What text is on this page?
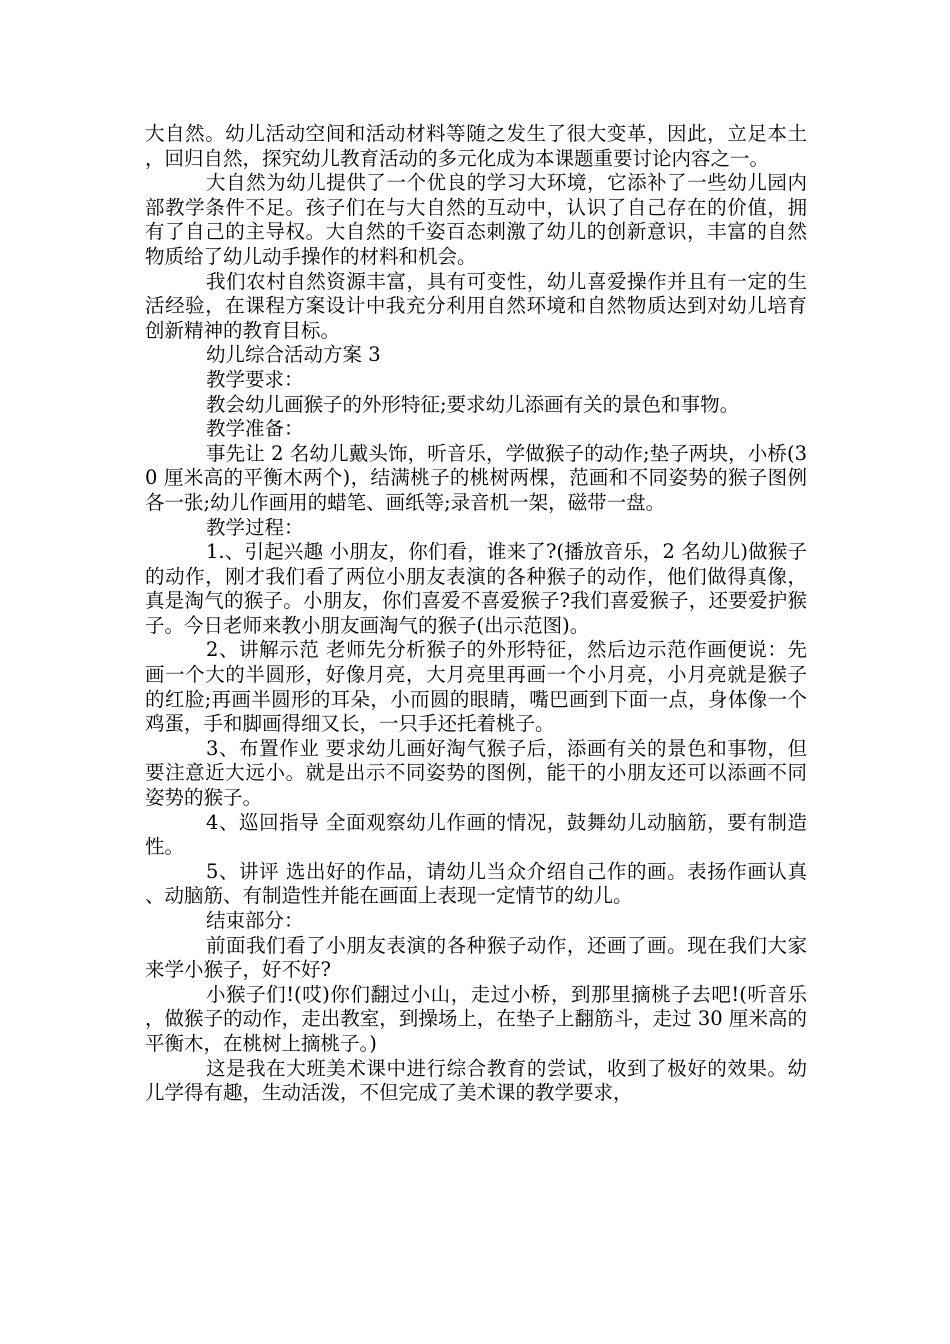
大自然。幼儿活动空间和活动材料等随之发生了很大变革，因此，立足本土，回归自然，探究幼儿教育活动的多元化成为本课题重要讨论内容之一。

大自然为幼儿提供了一个优良的学习大环境，它添补了一些幼儿园内部教学条件不足。孩子们在与大自然的互动中，认识了自己存在的价值，拥有了自己的主导权。大自然的千姿百态刺激了幼儿的创新意识，丰富的自然物质给了幼儿动手操作的材料和机会。

我们农村自然资源丰富，具有可变性，幼儿喜爱操作并且有一定的生活经验，在课程方案设计中我充分利用自然环境和自然物质达到对幼儿培育创新精神的教育目标。

幼儿综合活动方案 3

教学要求：

教会幼儿画猴子的外形特征;要求幼儿添画有关的景色和事物。

教学准备：

事先让 2 名幼儿戴头饰，听音乐，学做猴子的动作;垫子两块，小桥(30 厘米高的平衡木两个)，结满桃子的桃树两棵，范画和不同姿势的猴子图例各一张;幼儿作画用的蜡笔、画纸等;录音机一架，磁带一盘。

教学过程：

1.、引起兴趣 小朋友，你们看，谁来了?(播放音乐，2 名幼儿)做猴子的动作，刚才我们看了两位小朋友表演的各种猴子的动作，他们做得真像，真是淘气的猴子。小朋友，你们喜爱不喜爱猴子?我们喜爱猴子，还要爱护猴子。今日老师来教小朋友画淘气的猴子(出示范图)。

2、讲解示范 老师先分析猴子的外形特征，然后边示范作画便说：先画一个大的半圆形，好像月亮，大月亮里再画一个小月亮，小月亮就是猴子的红脸;再画半圆形的耳朵，小而圆的眼睛，嘴巴画到下面一点，身体像一个鸡蛋，手和脚画得细又长，一只手还托着桃子。

3、布置作业 要求幼儿画好淘气猴子后，添画有关的景色和事物，但要注意近大远小。就是出示不同姿势的图例，能干的小朋友还可以添画不同姿势的猴子。

4、巡回指导 全面观察幼儿作画的情况，鼓舞幼儿动脑筋，要有制造性。

5、讲评 选出好的作品，请幼儿当众介绍自己作的画。表扬作画认真、动脑筋、有制造性并能在画面上表现一定情节的幼儿。

结束部分：

前面我们看了小朋友表演的各种猴子动作，还画了画。现在我们大家来学小猴子，好不好?

小猴子们!(哎)你们翻过小山，走过小桥，到那里摘桃子去吧!(听音乐，做猴子的动作，走出教室，到操场上，在垫子上翻筋斗，走过 30 厘米高的平衡木，在桃树上摘桃子。)

这是我在大班美术课中进行综合教育的尝试，收到了极好的效果。幼儿学得有趣，生动活泼，不但完成了美术课的教学要求，
